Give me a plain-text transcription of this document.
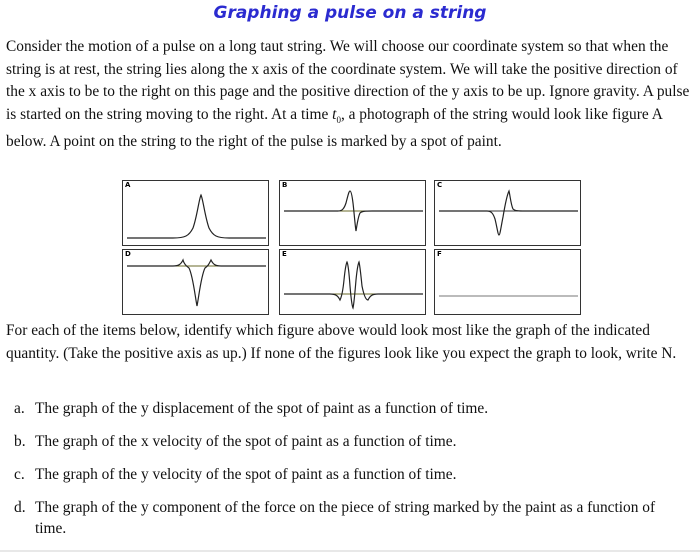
Graphing a pulse on a string

Consider the motion of a pulse on a long taut string. We will choose our coordinate system so that when the string is at rest, the string lies along the x axis of the coordinate system. We will take the positive direction of the x axis to be to the right on this page and the positive direction of the y axis to be up. Ignore gravity. A pulse is started on the string moving to the right. At a time $t_0$, a photograph of the string would look like figure A below. A point on the string to the right of the pulse is marked by a spot of paint.

A	B	C
D	E	F

For each of the items below, identify which figure above would look most like the graph of the indicated quantity. (Take the positive axis as up.) If none of the figures look like you expect the graph to look, write N.

a. The graph of the y displacement of the spot of paint as a function of time.
b. The graph of the x velocity of the spot of paint as a function of time.
c. The graph of the y velocity of the spot of paint as a function of time.
d. The graph of the y component of the force on the piece of string marked by the paint as a function of time.
